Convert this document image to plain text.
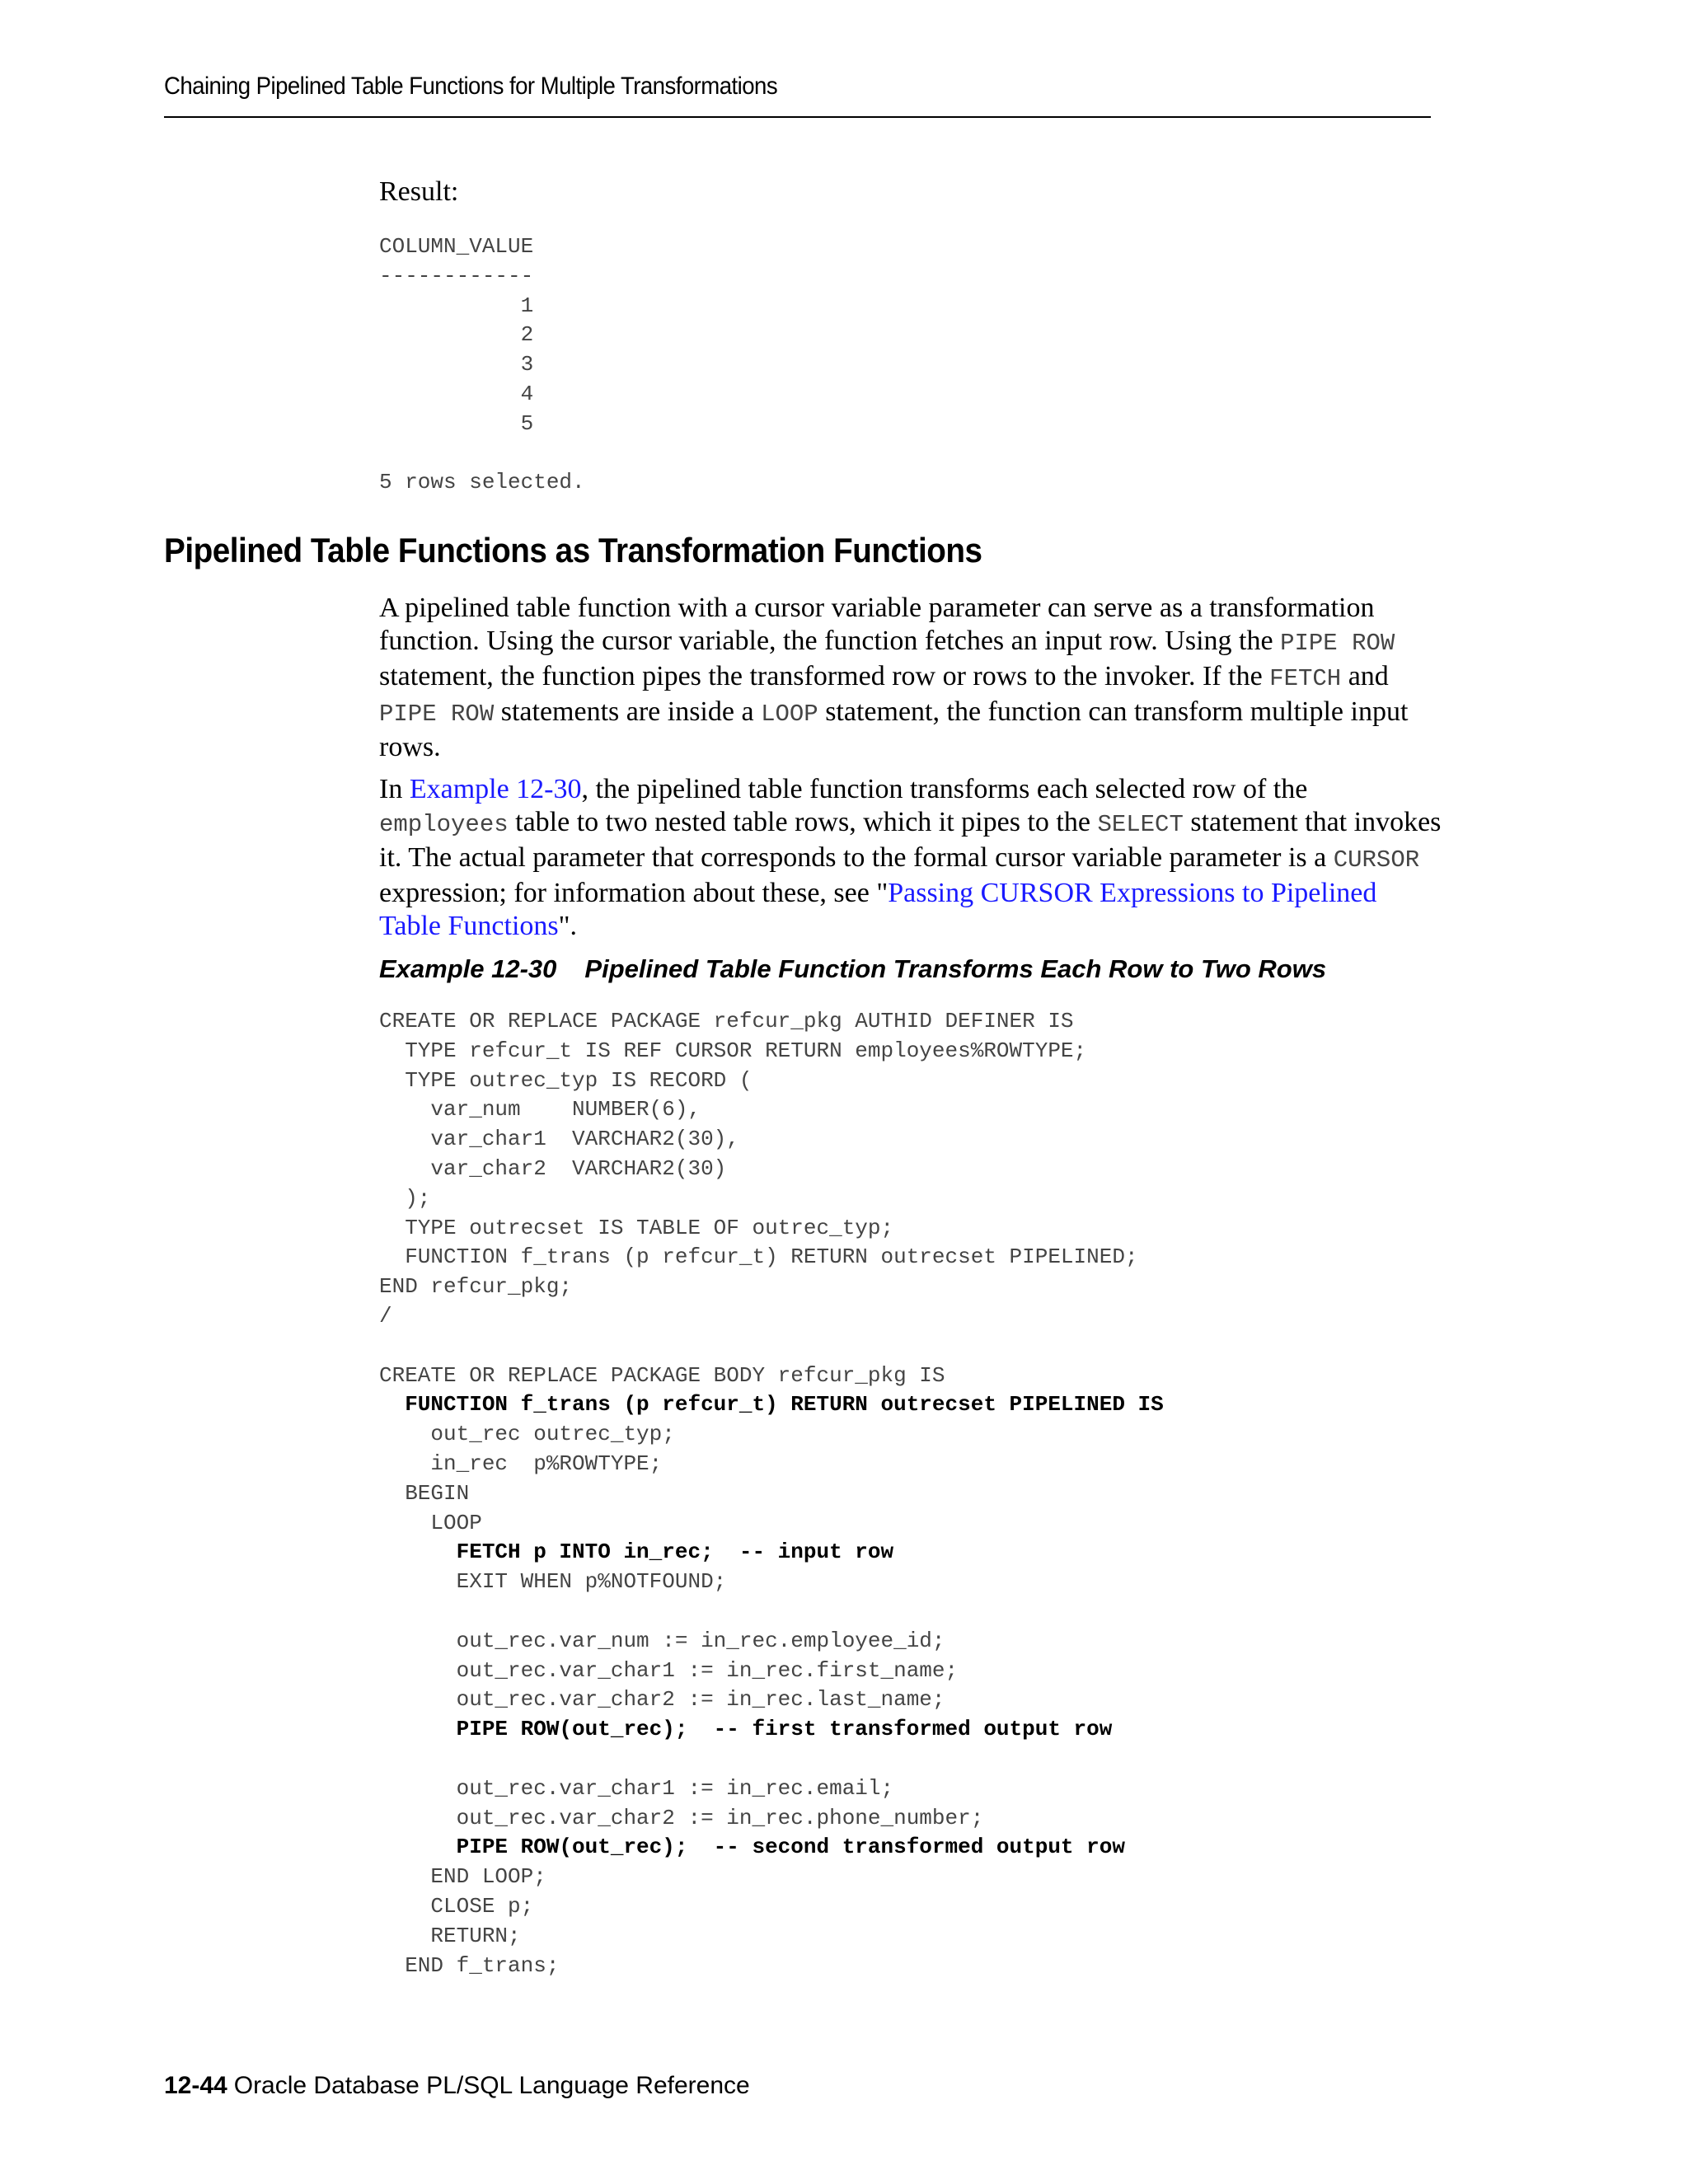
Chaining Pipelined Table Functions for Multiple Transformations
Result:
COLUMN_VALUE
------------
1
2
3
4
5

5 rows selected.
Pipelined Table Functions as Transformation Functions

A pipelined table function with a cursor variable parameter can serve as a transformation function. Using the cursor variable, the function fetches an input row. Using the PIPE ROW statement, the function pipes the transformed row or rows to the invoker. If the FETCH and PIPE ROW statements are inside a LOOP statement, the function can transform multiple input rows.

In Example 12-30, the pipelined table function transforms each selected row of the employees table to two nested table rows, which it pipes to the SELECT statement that invokes it. The actual parameter that corresponds to the formal cursor variable parameter is a CURSOR expression; for information about these, see "Passing CURSOR Expressions to Pipelined Table Functions".

Example 12-30 Pipelined Table Function Transforms Each Row to Two Rows
CREATE OR REPLACE PACKAGE refcur_pkg AUTHID DEFINER IS
TYPE refcur_t IS REF CURSOR RETURN employees%ROWTYPE;
TYPE outrec_typ IS RECORD (
var_num    NUMBER(6),
var_char1  VARCHAR2(30),
var_char2  VARCHAR2(30)
);
TYPE outrecset IS TABLE OF outrec_typ;
FUNCTION f_trans (p refcur_t) RETURN outrecset PIPELINED;
END refcur_pkg;
/

CREATE OR REPLACE PACKAGE BODY refcur_pkg IS
FUNCTION f_trans (p refcur_t) RETURN outrecset PIPELINED IS
out_rec outrec_typ;
in_rec  p%ROWTYPE;
BEGIN
LOOP
FETCH p INTO in_rec;  -- input row
EXIT WHEN p%NOTFOUND;

out_rec.var_num := in_rec.employee_id;
out_rec.var_char1 := in_rec.first_name;
out_rec.var_char2 := in_rec.last_name;
PIPE ROW(out_rec);  -- first transformed output row

out_rec.var_char1 := in_rec.email;
out_rec.var_char2 := in_rec.phone_number;
PIPE ROW(out_rec);  -- second transformed output row
END LOOP;
CLOSE p;
RETURN;
END f_trans;
12-44 Oracle Database PL/SQL Language Reference
